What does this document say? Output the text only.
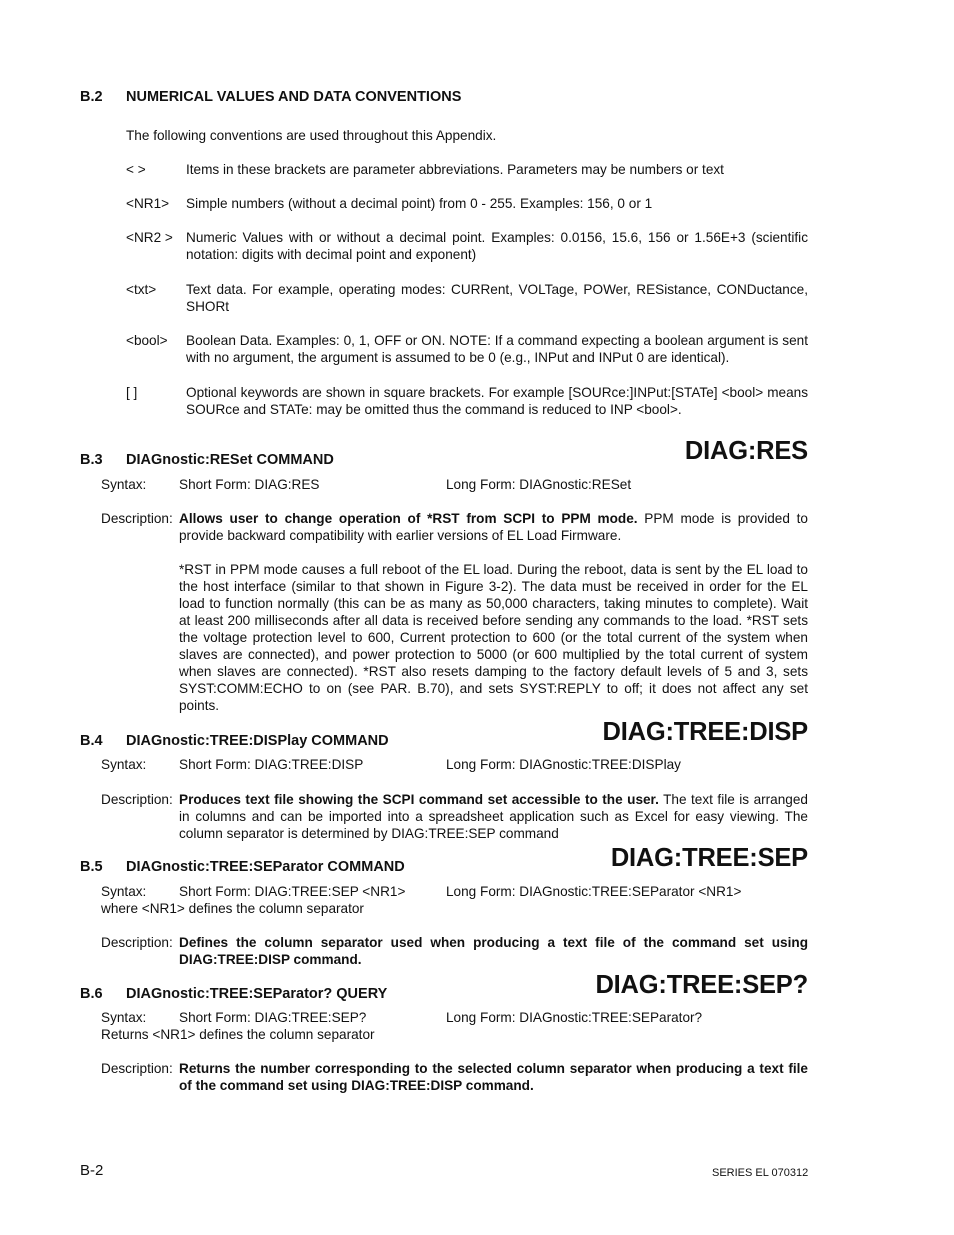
B.2 NUMERICAL VALUES AND DATA CONVENTIONS
The following conventions are used throughout this Appendix.
< >	Items in these brackets are parameter abbreviations. Parameters may be numbers or text
<NR1> Simple numbers (without a decimal point) from 0 - 255. Examples: 156, 0 or 1
<NR2 > Numeric Values with or without a decimal point. Examples: 0.0156, 15.6, 156 or 1.56E+3 (scientific notation: digits with decimal point and exponent)
<txt> Text data. For example, operating modes: CURRent, VOLTage, POWer, RESistance, CONDuctance, SHORt
<bool> Boolean Data. Examples: 0, 1, OFF or ON. NOTE: If a command expecting a boolean argument is sent with no argument, the argument is assumed to be 0 (e.g., INPut and INPut 0 are identical).
[ ]	Optional keywords are shown in square brackets. For example [SOURce:]INPut:[STATe] <bool> means SOURce and STATe: may be omitted thus the command is reduced to INP <bool>.
B.3 DIAGnostic:RESet COMMAND	DIAG:RES
Syntax: Short Form: DIAG:RES	Long Form: DIAGnostic:RESet
Description: Allows user to change operation of *RST from SCPI to PPM mode. PPM mode is provided to provide backward compatibility with earlier versions of EL Load Firmware.

*RST in PPM mode causes a full reboot of the EL load. During the reboot, data is sent by the EL load to the host interface (similar to that shown in Figure 3-2). The data must be received in order for the EL load to function normally (this can be as many as 50,000 characters, taking minutes to complete). Wait at least 200 milliseconds after all data is received before sending any commands to the load. *RST sets the voltage protection level to 600, Current protection to 600 (or the total current of the system when slaves are connected), and power protection to 5000 (or 600 multiplied by the total current of system when slaves are connected). *RST also resets damping to the factory default levels of 5 and 3, sets SYST:COMM:ECHO to on (see PAR. B.70), and sets SYST:REPLY to off; it does not affect any set points.

B.4 DIAGnostic:TREE:DISPlay COMMAND	DIAG:TREE:DISP
Syntax: Short Form: DIAG:TREE:DISP	Long Form: DIAGnostic:TREE:DISPlay
Description: Produces text file showing the SCPI command set accessible to the user. The text file is arranged in columns and can be imported into a spreadsheet application such as Excel for easy viewing. The column separator is determined by DIAG:TREE:SEP command

B.5 DIAGnostic:TREE:SEParator COMMAND	DIAG:TREE:SEP
Syntax: Short Form: DIAG:TREE:SEP <NR1>	Long Form: DIAGnostic:TREE:SEParator <NR1>
where <NR1> defines the column separator
Description: Defines the column separator used when producing a text file of the command set using DIAG:TREE:DISP command.
B.6 DIAGnostic:TREE:SEParator? QUERY	DIAG:TREE:SEP?
Syntax: Short Form: DIAG:TREE:SEP?	Long Form: DIAGnostic:TREE:SEParator?
Returns <NR1> defines the column separator
Description: Returns the number corresponding to the selected column separator when producing a text file of the command set using DIAG:TREE:DISP command.
B-2	SERIES EL 070312
